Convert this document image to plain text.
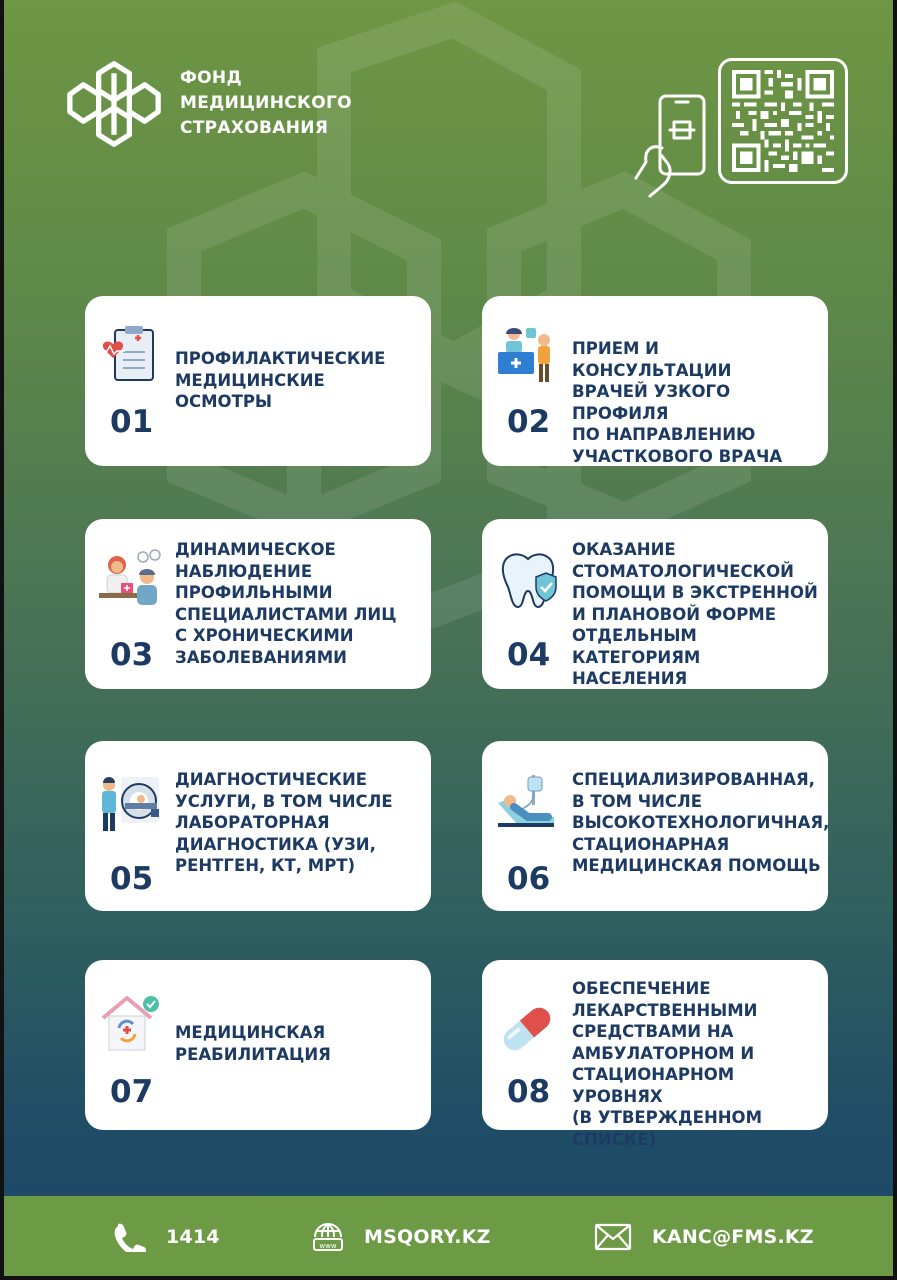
ФОНД
МЕДИЦИНСКОГО
СТРАХОВАНИЯ
01
ПРОФИЛАКТИЧЕСКИЕ
МЕДИЦИНСКИЕ
ОСМОТРЫ
02
ПРИЕМ И КОНСУЛЬТАЦИИ
ВРАЧЕЙ УЗКОГО ПРОФИЛЯ
ПО НАПРАВЛЕНИЮ
УЧАСТКОВОГО ВРАЧА
03
ДИНАМИЧЕСКОЕ
НАБЛЮДЕНИЕ
ПРОФИЛЬНЫМИ
СПЕЦИАЛИСТАМИ ЛИЦ
С ХРОНИЧЕСКИМИ
ЗАБОЛЕВАНИЯМИ	04
ОКАЗАНИЕ
СТОМАТОЛОГИЧЕСКОЙ
ПОМОЩИ В ЭКСТРЕННОЙ
И ПЛАНОВОЙ ФОРМЕ
ОТДЕЛЬНЫМ КАТЕГОРИЯМ
НАСЕЛЕНИЯ
05
ДИАГНОСТИЧЕСКИЕ
УСЛУГИ, В ТОМ ЧИСЛЕ
ЛАБОРАТОРНАЯ
ДИАГНОСТИКА (УЗИ,
РЕНТГЕН, КТ, МРТ)	06
СПЕЦИАЛИЗИРОВАННАЯ,
В ТОМ ЧИСЛЕ
ВЫСОКОТЕХНОЛОГИЧНАЯ,
СТАЦИОНАРНАЯ
МЕДИЦИНСКАЯ ПОМОЩЬ
07
МЕДИЦИНСКАЯ
РЕАБИЛИТАЦИЯ
08
ОБЕСПЕЧЕНИЕ
ЛЕКАРСТВЕННЫМИ
СРЕДСТВАМИ НА
АМБУЛАТОРНОМ И
СТАЦИОНАРНОМ УРОВНЯХ
(В УТВЕРЖДЕННОМ СПИСКЕ)
1414	www MSQORY.KZ	KANC@FMS.KZ
